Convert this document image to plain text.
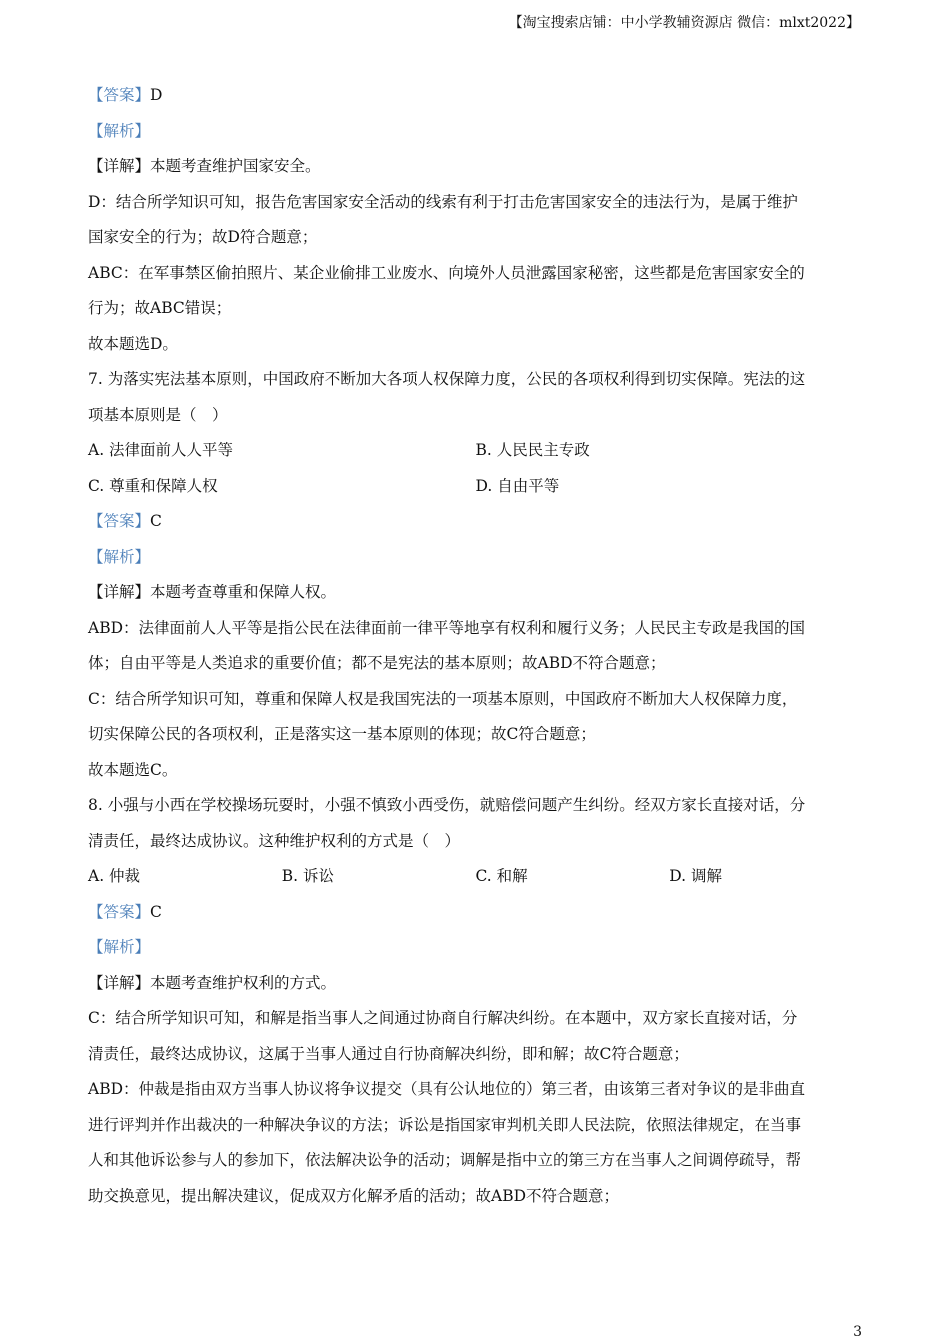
【淘宝搜索店铺：中小学教辅资源店 微信：mlxt2022】
【答案】D
【解析】
【详解】本题考查维护国家安全。
D：结合所学知识可知，报告危害国家安全活动的线索有利于打击危害国家安全的违法行为，是属于维护
国家安全的行为；故D符合题意；
ABC：在军事禁区偷拍照片、某企业偷排工业废水、向境外人员泄露国家秘密，这些都是危害国家安全的
行为；故ABC错误；
故本题选D。
7. 为落实宪法基本原则，中国政府不断加大各项人权保障力度，公民的各项权利得到切实保障。宪法的这
项基本原则是（　）
A. 法律面前人人平等	B. 人民民主专政
C. 尊重和保障人权	D. 自由平等
【答案】C
【解析】
【详解】本题考查尊重和保障人权。
ABD：法律面前人人平等是指公民在法律面前一律平等地享有权利和履行义务；人民民主专政是我国的国
体；自由平等是人类追求的重要价值；都不是宪法的基本原则；故ABD不符合题意；
C：结合所学知识可知，尊重和保障人权是我国宪法的一项基本原则，中国政府不断加大人权保障力度，
切实保障公民的各项权利，正是落实这一基本原则的体现；故C符合题意；
故本题选C。
8. 小强与小西在学校操场玩耍时，小强不慎致小西受伤，就赔偿问题产生纠纷。经双方家长直接对话，分
清责任，最终达成协议。这种维护权利的方式是（　）
A. 仲裁	B. 诉讼	C. 和解	D. 调解
【答案】C
【解析】
【详解】本题考查维护权利的方式。
C：结合所学知识可知，和解是指当事人之间通过协商自行解决纠纷。在本题中，双方家长直接对话，分
清责任，最终达成协议，这属于当事人通过自行协商解决纠纷，即和解；故C符合题意；
ABD：仲裁是指由双方当事人协议将争议提交（具有公认地位的）第三者，由该第三者对争议的是非曲直
进行评判并作出裁决的一种解决争议的方法；诉讼是指国家审判机关即人民法院，依照法律规定，在当事
人和其他诉讼参与人的参加下，依法解决讼争的活动；调解是指中立的第三方在当事人之间调停疏导，帮
助交换意见，提出解决建议，促成双方化解矛盾的活动；故ABD不符合题意；
3
